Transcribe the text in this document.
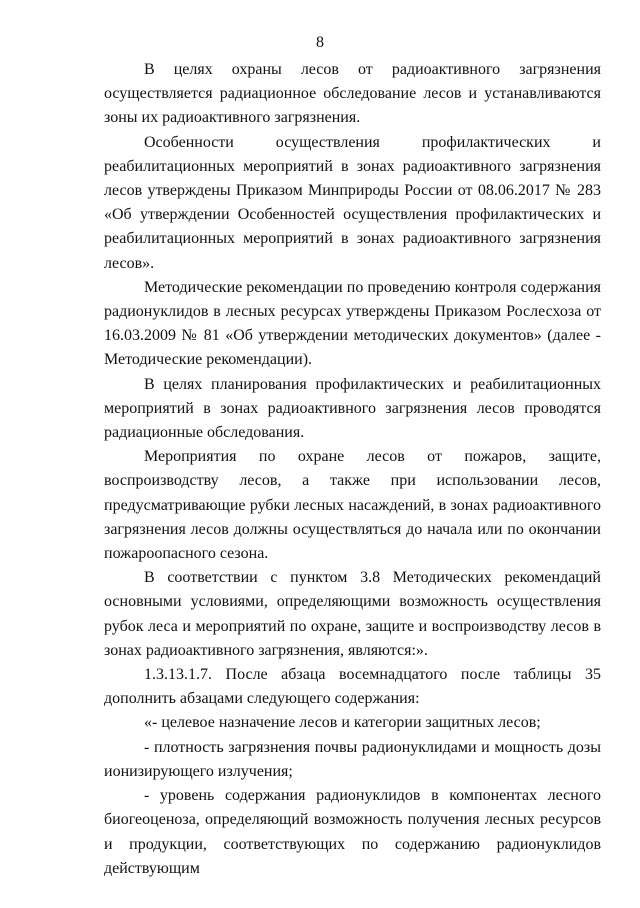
8

В целях охраны лесов от радиоактивного загрязнения осуществляется радиационное обследование лесов и устанавливаются зоны их радиоактивного загрязнения.

Особенности осуществления профилактических и реабилитационных мероприятий в зонах радиоактивного загрязнения лесов утверждены Приказом Минприроды России от 08.06.2017 № 283 «Об утверждении Особенностей осуществления профилактических и реабилитационных мероприятий в зонах радиоактивного загрязнения лесов».

Методические рекомендации по проведению контроля содержания радионуклидов в лесных ресурсах утверждены Приказом Рослесхоза от 16.03.2009 № 81 «Об утверждении методических документов» (далее - Методические рекомендации).

В целях планирования профилактических и реабилитационных мероприятий в зонах радиоактивного загрязнения лесов проводятся радиационные обследования.

Мероприятия по охране лесов от пожаров, защите, воспроизводству лесов, а также при использовании лесов, предусматривающие рубки лесных насаждений, в зонах радиоактивного загрязнения лесов должны осуществляться до начала или по окончании пожароопасного сезона.

В соответствии с пунктом 3.8 Методических рекомендаций основными условиями, определяющими возможность осуществления рубок леса и мероприятий по охране, защите и воспроизводству лесов в зонах радиоактивного загрязнения, являются:».

1.3.13.1.7. После абзаца восемнадцатого после таблицы 35 дополнить абзацами следующего содержания:

«- целевое назначение лесов и категории защитных лесов;

- плотность загрязнения почвы радионуклидами и мощность дозы ионизирующего излучения;

- уровень содержания радионуклидов в компонентах лесного биогеоценоза, определяющий возможность получения лесных ресурсов и продукции, соответствующих по содержанию радионуклидов действующим
